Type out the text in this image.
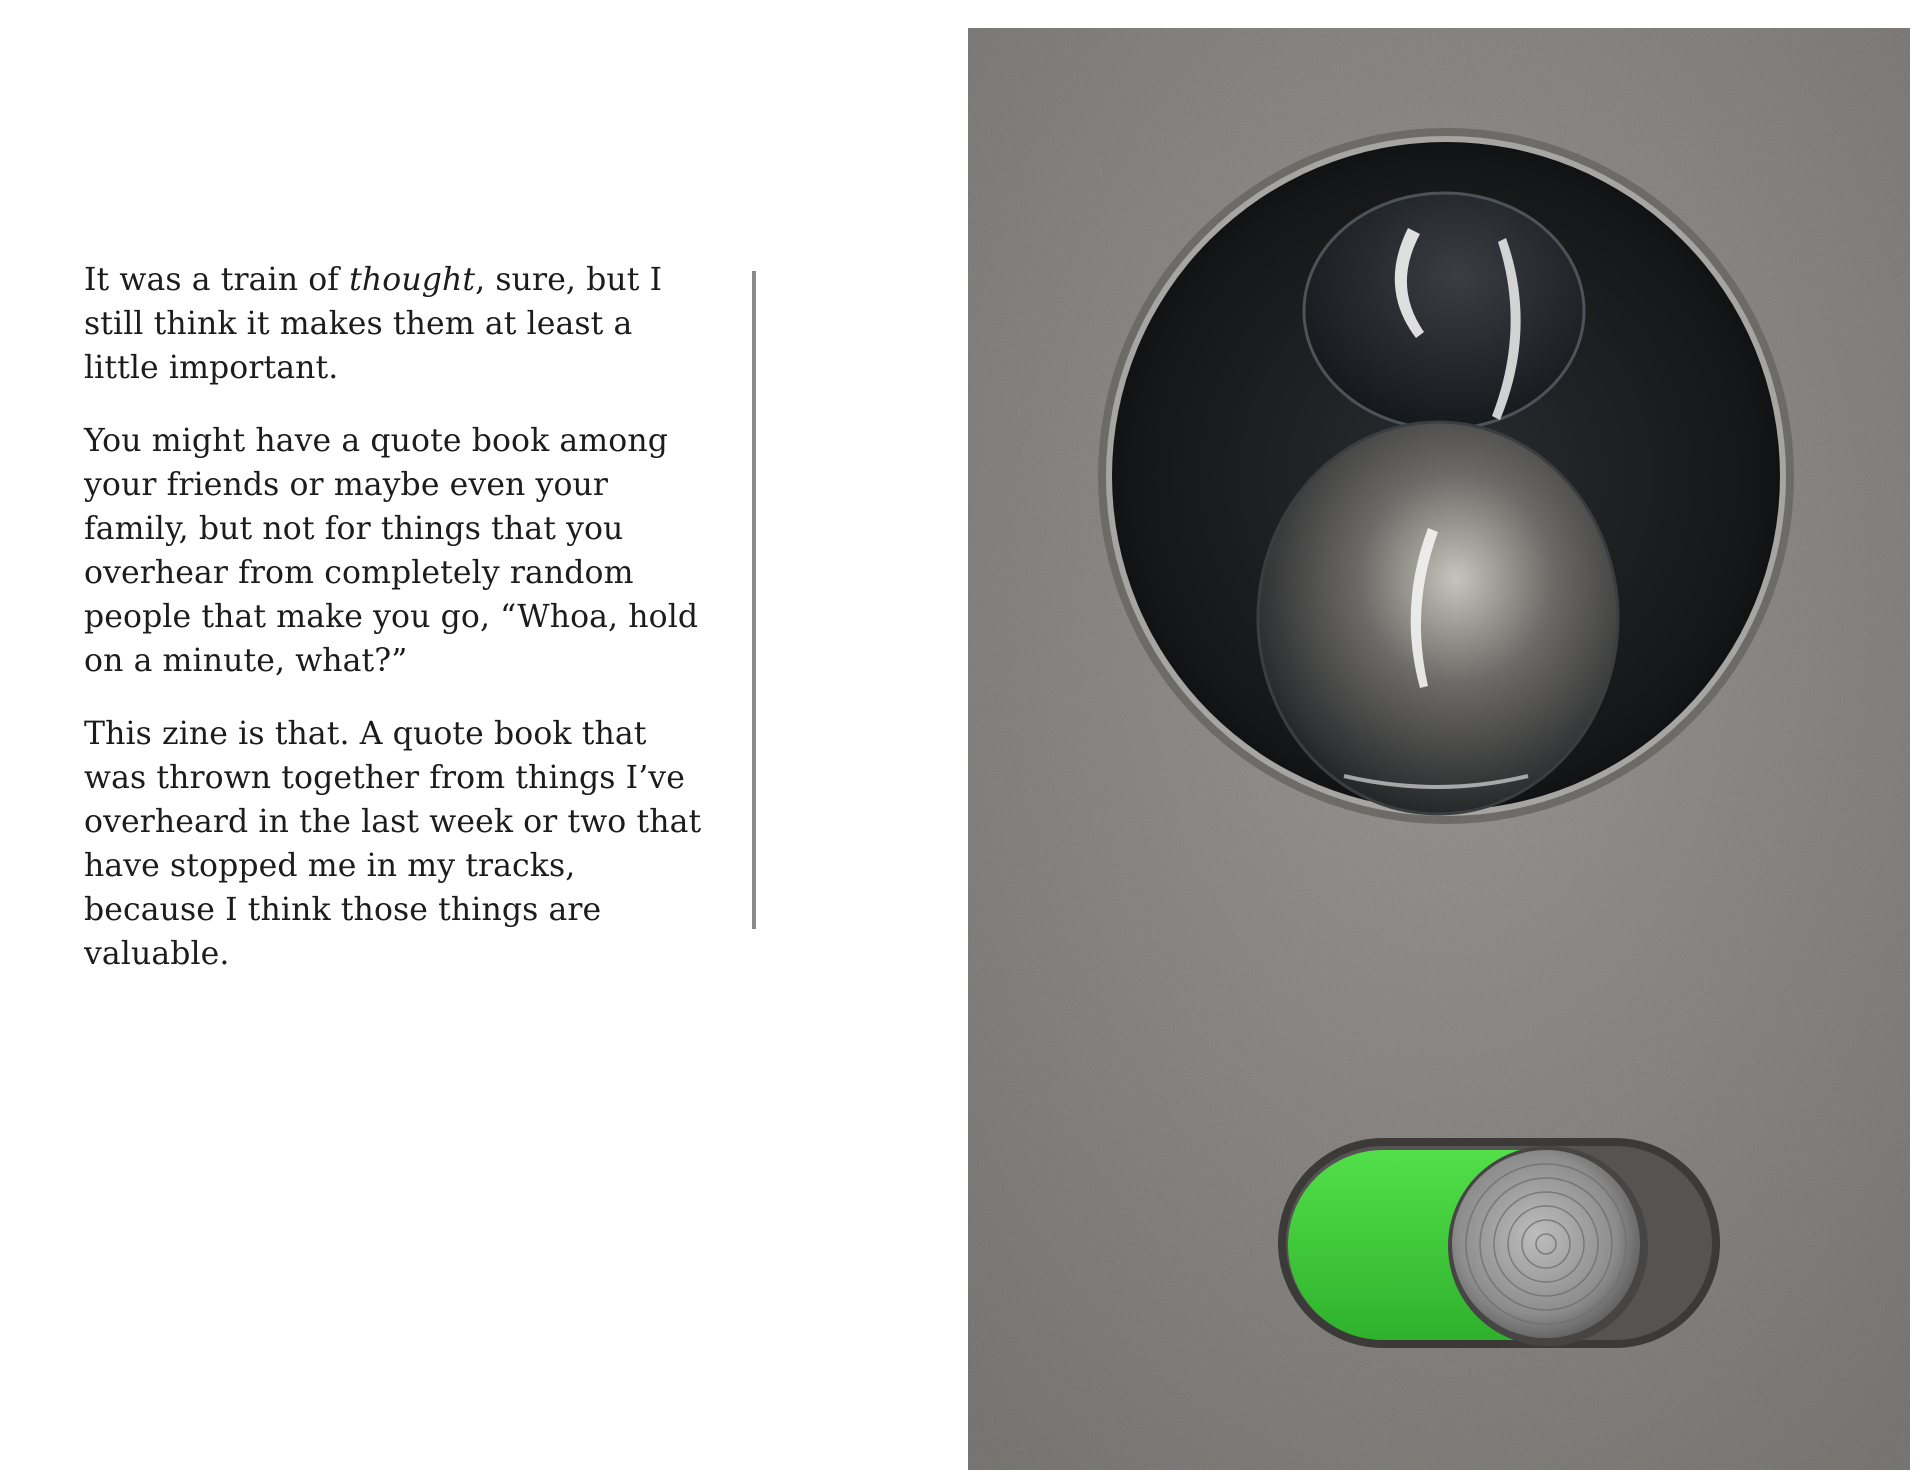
It was a train of thought, sure, but I still think it makes them at least a little important.

You might have a quote book among your friends or maybe even your family, but not for things that you overhear from completely random people that make you go, “Whoa, hold on a minute, what?”

This zine is that. A quote book that was thrown together from things I’ve overheard in the last week or two that have stopped me in my tracks, because I think those things are valuable.
